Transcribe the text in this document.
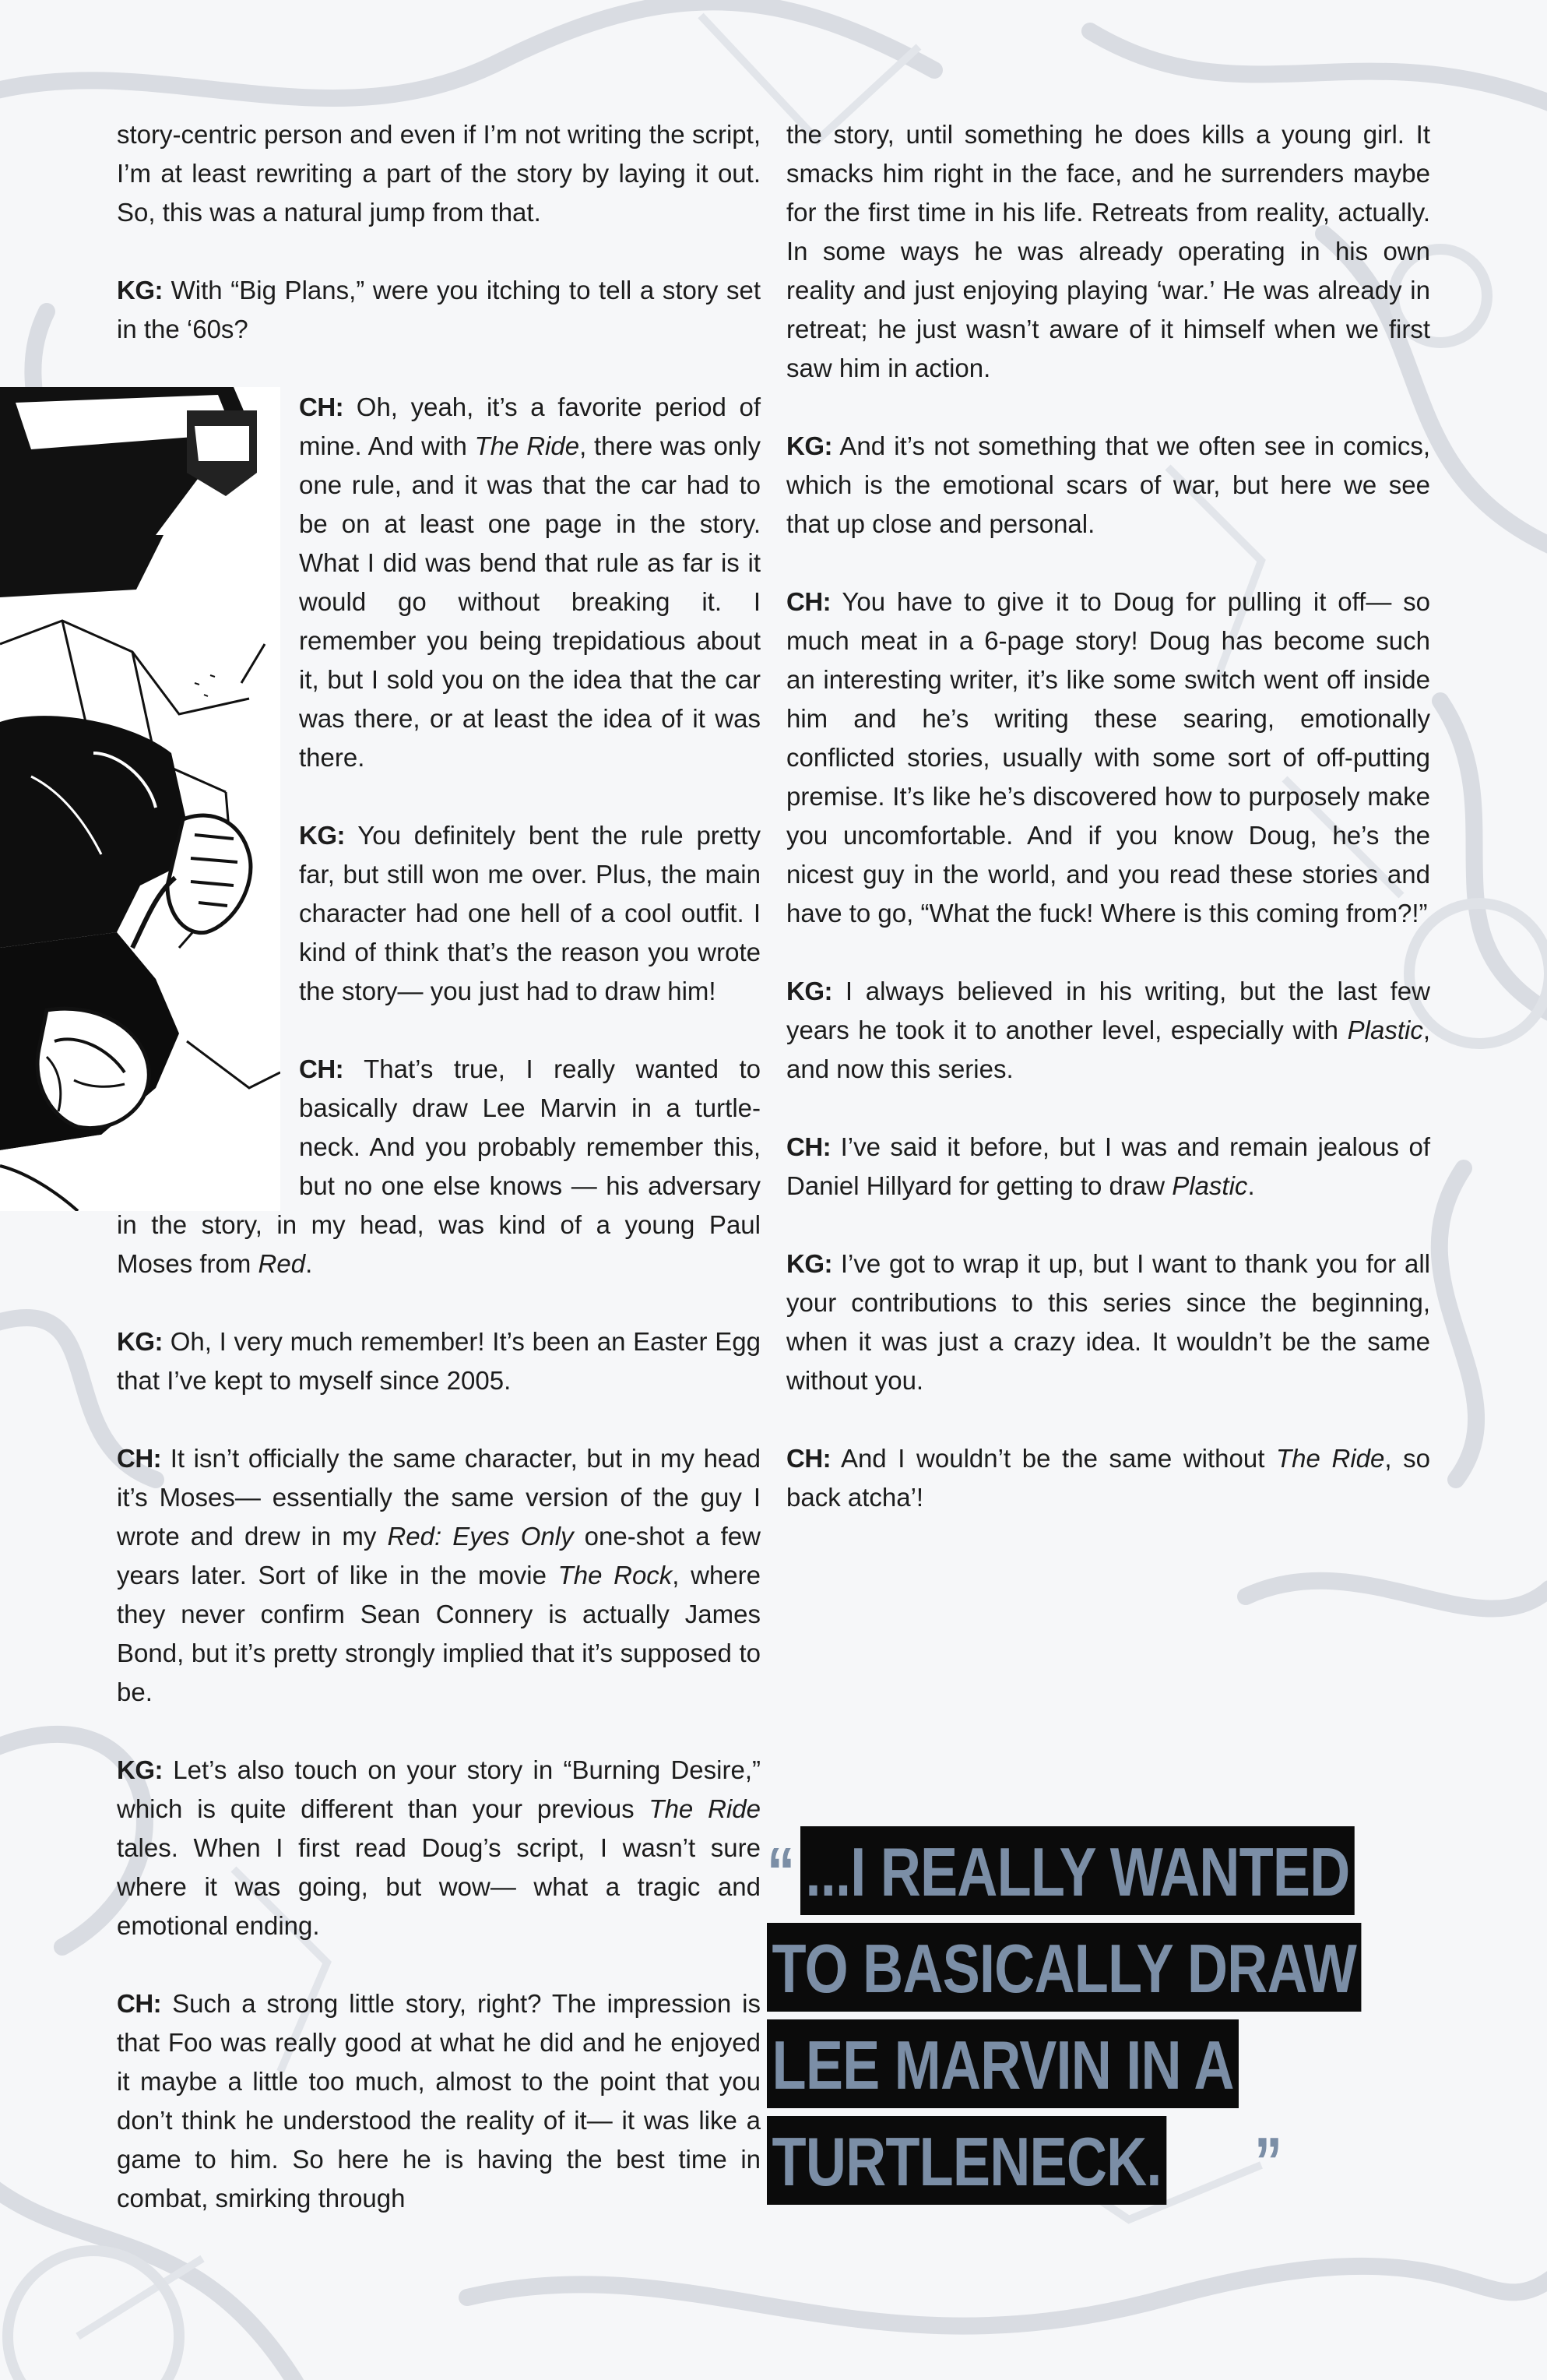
story-centric person and even if I’m not writing the script, I’m at least rewriting a part of the story by laying it out. So, this was a natural jump from that.

KG: With “Big Plans,” were you itching to tell a story set in the ‘60s?

CH: Oh, yeah, it’s a favorite period of mine. And with The Ride, there was only one rule, and it was that the car had to be on at least one page in the story. What I did was bend that rule as far is it would go without breaking it. I remember you being trepidatious about it, but I sold you on the idea that the car was there, or at least the idea of it was there.

KG: You definitely bent the rule pretty far, but still won me over. Plus, the main character had one hell of a cool outfit. I kind of think that’s the reason you wrote the story— you just had to draw him!

CH: That’s true, I really wanted to basically draw Lee Marvin in a turtle-neck. And you probably remember this, but no one else knows — his adversary in the story, in my head, was kind of a young Paul Moses from Red.

KG: Oh, I very much remember! It’s been an Easter Egg that I’ve kept to myself since 2005.

CH: It isn’t officially the same character, but in my head it’s Moses— essentially the same version of the guy I wrote and drew in my Red: Eyes Only one-shot a few years later. Sort of like in the movie The Rock, where they never confirm Sean Connery is actually James Bond, but it’s pretty strongly implied that it’s supposed to be.

KG: Let’s also touch on your story in “Burning Desire,” which is quite different than your previous The Ride tales. When I first read Doug’s script, I wasn’t sure where it was going, but wow— what a tragic and emotional ending.

CH: Such a strong little story, right? The impression is that Foo was really good at what he did and he enjoyed it maybe a little too much, almost to the point that you don’t think he understood the reality of it— it was like a game to him. So here he is having the best time in combat, smirking through

the story, until something he does kills a young girl. It smacks him right in the face, and he surrenders maybe for the first time in his life. Retreats from reality, actually. In some ways he was already operating in his own reality and just enjoying playing ‘war.’ He was already in retreat; he just wasn’t aware of it himself when we first saw him in action.

KG: And it’s not something that we often see in comics, which is the emotional scars of war, but here we see that up close and personal.

CH: You have to give it to Doug for pulling it off— so much meat in a 6-page story! Doug has become such an interesting writer, it’s like some switch went off inside him and he’s writing these searing, emotionally conflicted stories, usually with some sort of off-putting premise. It’s like he’s discovered how to purposely make you uncomfortable. And if you know Doug, he’s the nicest guy in the world, and you read these stories and have to go, “What the fuck! Where is this coming from?!”

KG: I always believed in his writing, but the last few years he took it to another level, especially with Plastic, and now this series.

CH: I’ve said it before, but I was and remain jealous of Daniel Hillyard for getting to draw Plastic.

KG: I’ve got to wrap it up, but I want to thank you for all your contributions to this series since the beginning, when it was just a crazy idea. It wouldn’t be the same without you.

CH: And I wouldn’t be the same without The Ride, so back atcha’!

“ ...I REALLY WANTED
TO BASICALLY DRAW
LEE MARVIN IN A
TURTLENECK. ”
